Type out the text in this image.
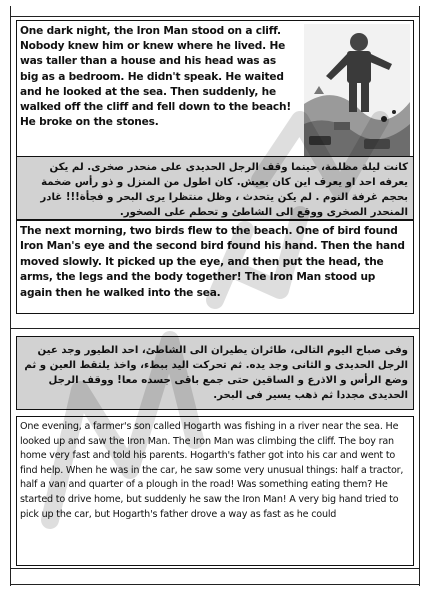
One dark night, the Iron Man stood on a cliff. Nobody knew him or knew where he lived. He was taller than a house and his head was as big as a bedroom. He didn't speak. He waited and he looked at the sea. Then suddenly, he walked off the cliff and fell down to the beach! He broke on the stones.
كانت ليلة مظلمة، حينما وقف الرجل الحديدى على منحدر صخرى. لم يكن يعرفه احد او يعرف اين كان يعيش. كان اطول من المنزل و ذو رأس ضخمة بحجم غرفة النوم . لم يكن يتحدث ، وظل منتظرا يرى البحر و فجأة!!! غادر المنحدر الصخرى ووقع الى الشاطئ و تحطم على الصخور.
The next morning, two birds flew to the beach. One of bird found Iron Man's eye and the second bird found his hand. Then the hand moved slowly. It picked up the eye, and then put the head, the arms, the legs and the body together! The Iron Man stood up again then he walked into the sea.
وفى صباح اليوم التالى، طائران يطيران الى الشاطئ، احد الطيور وجد عين الرجل الحديدى و الثانى وجد يده. ثم تحركت اليد ببطء، واخذ يلتقط العين و ثم وضع الرأس و الاذرع و الساقين حتى جمع باقى جسده معا! ووقف الرجل الحديدى مجددا ثم ذهب يسير فى البحر.
One evening, a farmer's son called Hogarth was fishing in a river near the sea. He looked up and saw the Iron Man. The Iron Man was climbing the cliff. The boy ran home very fast and told his parents. Hogarth's father got into his car and went to find help. When he was in the car, he saw some very unusual things: half a tractor, half a van and quarter of a plough in the road! Was something eating them? He started to drive home, but suddenly he saw the Iron Man! A very big hand tried to pick up the car, but Hogarth's father drove a way as fast as he could
